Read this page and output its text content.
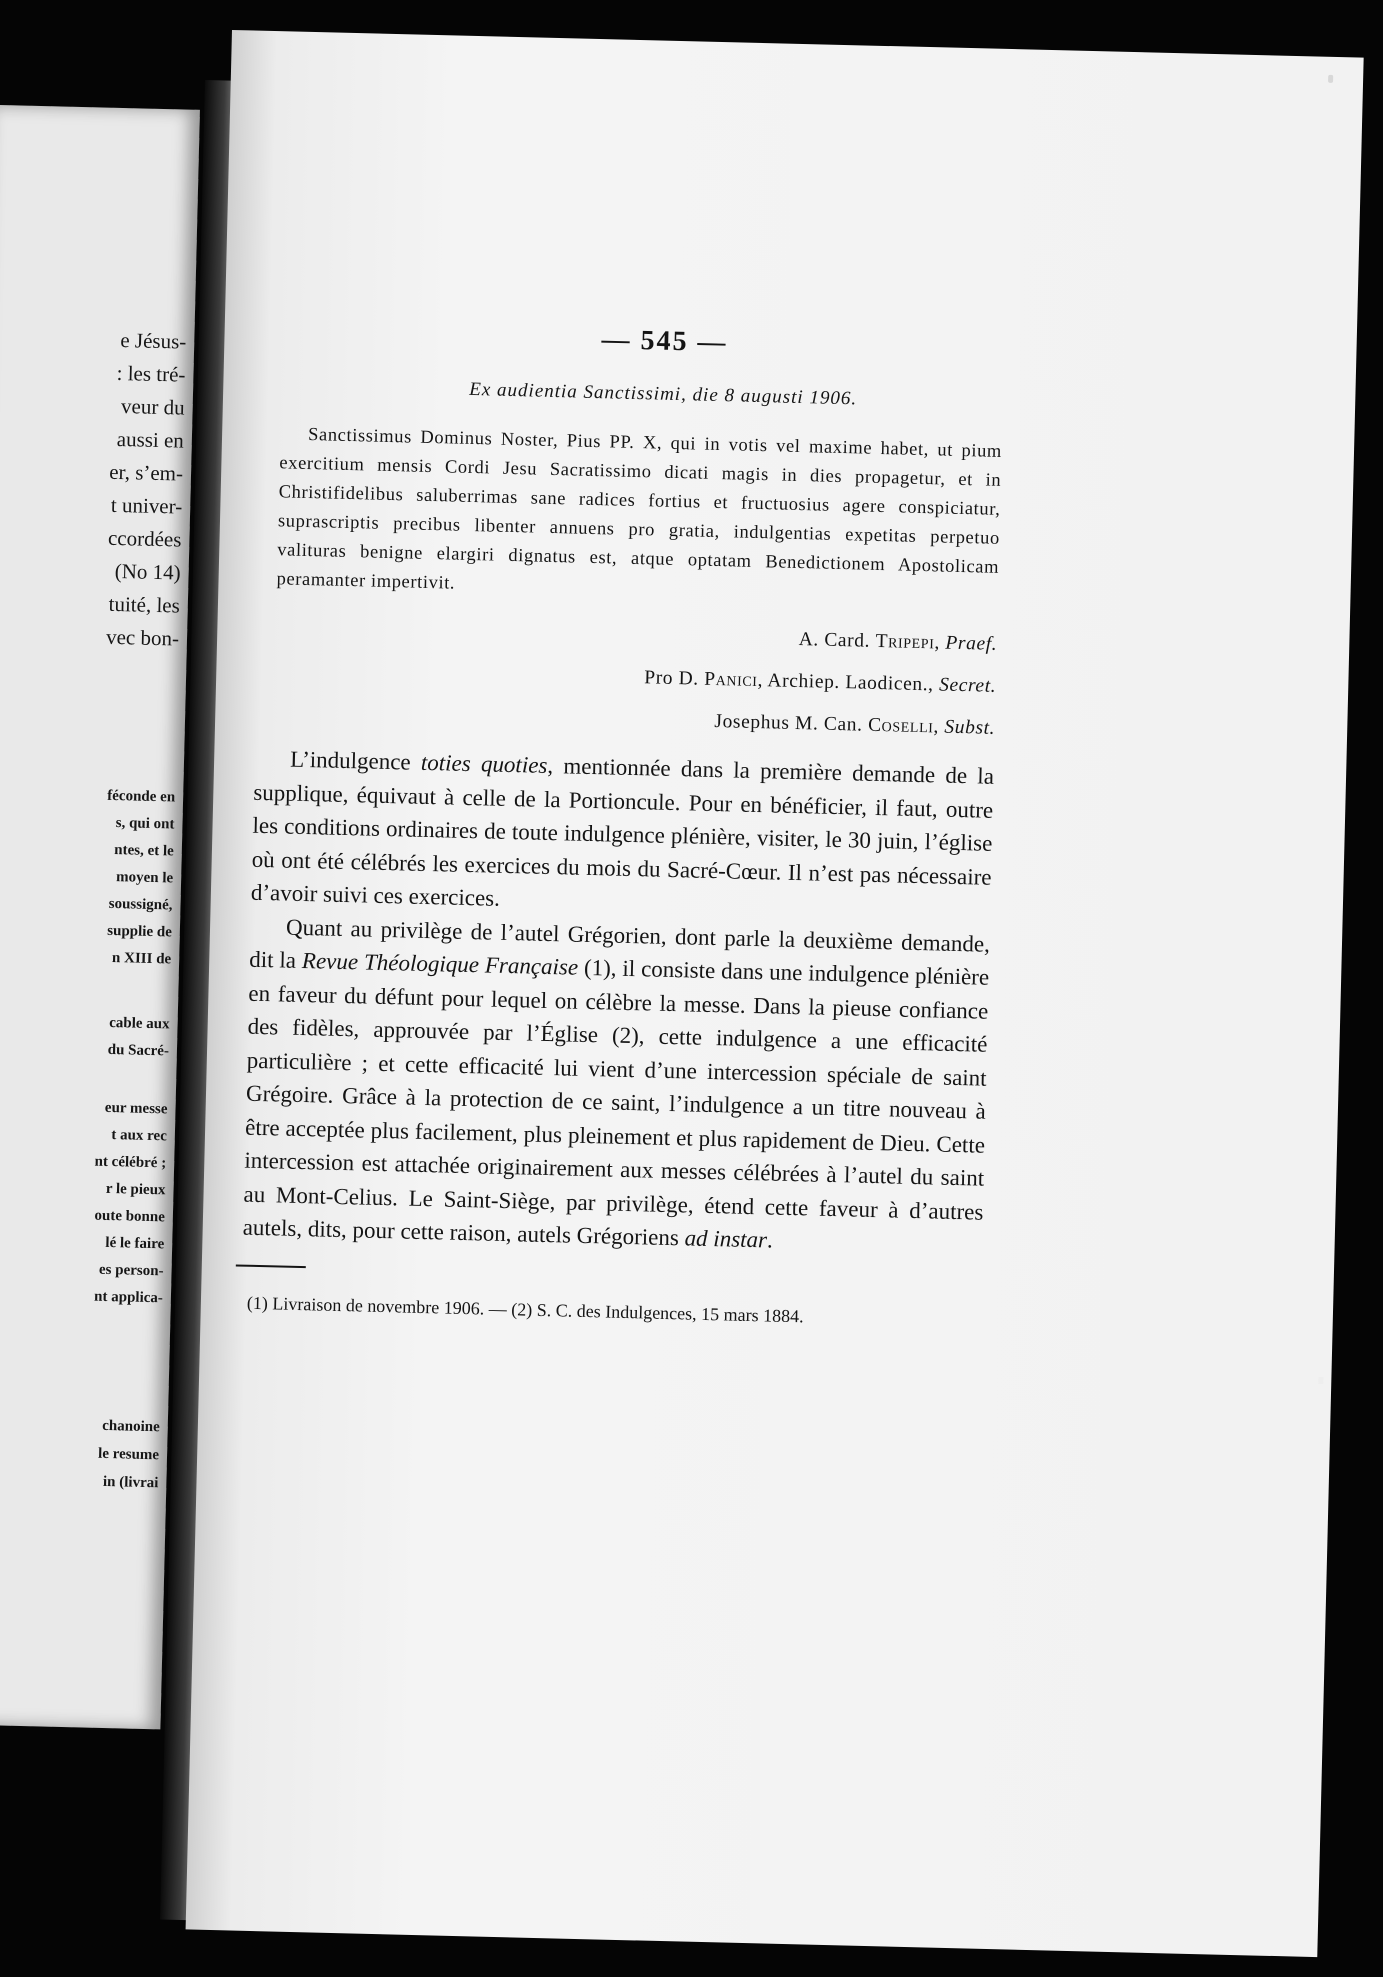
e Jésus-
: les tré-
veur du
aussi en
er, s’em-
t univer-
ccordées
(No 14)
tuité, les
vec bon-
féconde en
s, qui ont
ntes, et le
moyen le
soussigné,
supplie de
n XIII de
cable aux
du Sacré-
eur messe
t aux rec
nt célébré ;
r le pieux
oute bonne
lé le faire
es person-
nt applica-
chanoine
le resume
in (livrai
— 545 —
Ex audientia Sanctissimi, die 8 augusti 1906.

Sanctissimus Dominus Noster, Pius PP. X, qui in votis vel maxime habet, ut pium exercitium mensis Cordi Jesu Sacratissimo dicati magis in dies propagetur, et in Christifidelibus saluberrimas sane radices fortius et fructuosius agere conspiciatur, suprascriptis precibus libenter annuens pro gratia, indulgentias expetitas perpetuo valituras benigne elargiri dignatus est, atque optatam Benedictionem Apostolicam peramanter impertivit.

A. Card. Tripepi, Praef.
Pro D. Panici, Archiep. Laodicen., Secret.
Josephus M. Can. Coselli, Subst.

L’indulgence toties quoties, mentionnée dans la première demande de la supplique, équivaut à celle de la Portioncule. Pour en bénéficier, il faut, outre les conditions ordinaires de toute indulgence plénière, visiter, le 30 juin, l’église où ont été célébrés les exercices du mois du Sacré-Cœur. Il n’est pas nécessaire d’avoir suivi ces exercices.

Quant au privilège de l’autel Grégorien, dont parle la deuxième demande, dit la Revue Théologique Française (1), il consiste dans une indulgence plénière en faveur du défunt pour lequel on célèbre la messe. Dans la pieuse confiance des fidèles, approuvée par l’Église (2), cette indulgence a une efficacité particulière ; et cette efficacité lui vient d’une intercession spéciale de saint Grégoire. Grâce à la protection de ce saint, l’indulgence a un titre nouveau à être acceptée plus facilement, plus pleinement et plus rapidement de Dieu. Cette intercession est attachée originairement aux messes célébrées à l’autel du saint au Mont-Celius. Le Saint-Siège, par privilège, étend cette faveur à d’autres autels, dits, pour cette raison, autels Grégoriens ad instar.

(1) Livraison de novembre 1906. — (2) S. C. des Indulgences, 15 mars 1884.
